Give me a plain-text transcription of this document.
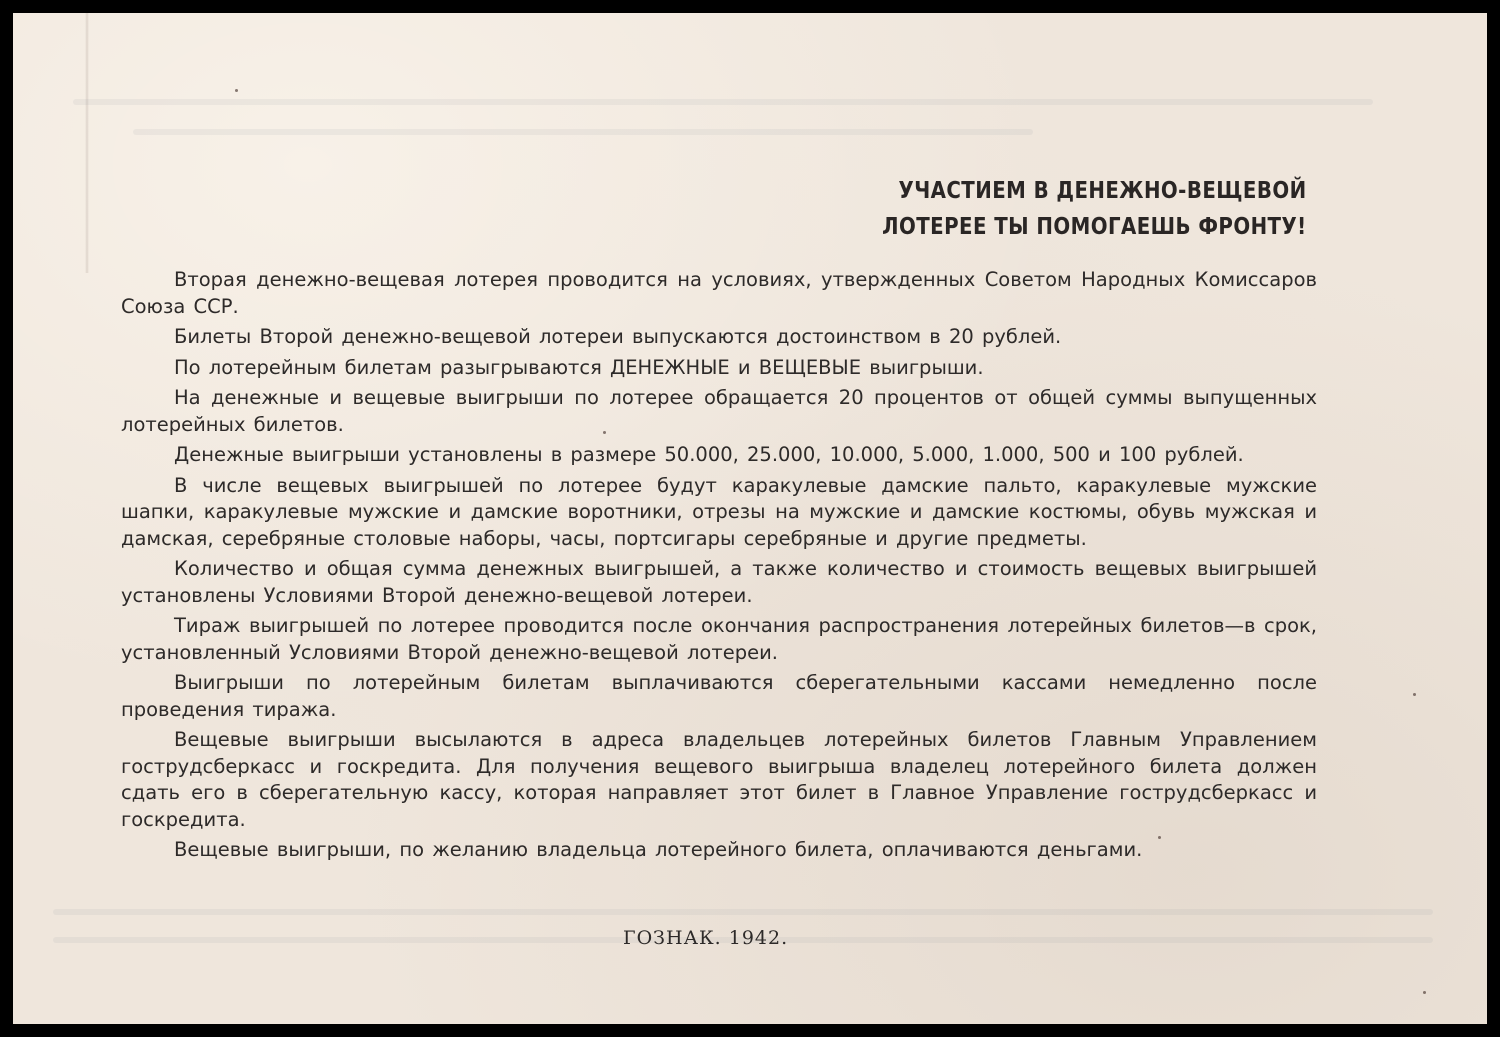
УЧАСТИЕМ В ДЕНЕЖНО-ВЕЩЕВОЙ
ЛОТЕРЕЕ ТЫ ПОМОГАЕШЬ ФРОНТУ!

Вторая денежно-вещевая лотерея проводится на условиях, утвержденных Советом Народных Комиссаров Союза ССР.

Билеты Второй денежно-вещевой лотереи выпускаются достоинством в 20 рублей.

По лотерейным билетам разыгрываются ДЕНЕЖНЫЕ и ВЕЩЕВЫЕ выигрыши.

На денежные и вещевые выигрыши по лотерее обращается 20 процентов от общей суммы выпущенных лотерейных билетов.

Денежные выигрыши установлены в размере 50.000, 25.000, 10.000, 5.000, 1.000, 500 и 100 рублей.

В числе вещевых выигрышей по лотерее будут каракулевые дамские пальто, каракулевые мужские шапки, каракулевые мужские и дамские воротники, отрезы на мужские и дамские костюмы, обувь мужская и дамская, серебряные столовые наборы, часы, портсигары серебряные и другие предметы.

Количество и общая сумма денежных выигрышей, а также количество и стоимость вещевых выигрышей установлены Условиями Второй денежно-вещевой лотереи.

Тираж выигрышей по лотерее проводится после окончания распространения лотерейных билетов—в срок, установленный Условиями Второй денежно-вещевой лотереи.

Выигрыши по лотерейным билетам выплачиваются сберегательными кассами немедленно после проведения тиража.

Вещевые выигрыши высылаются в адреса владельцев лотерейных билетов Главным Управлением гострудсберкасс и госкредита. Для получения вещевого выигрыша владелец лотерейного билета должен сдать его в сберегательную кассу, которая направляет этот билет в Главное Управление гострудсберкасс и госкредита.

Вещевые выигрыши, по желанию владельца лотерейного билета, оплачиваются деньгами.

ГОЗНАК. 1942.
